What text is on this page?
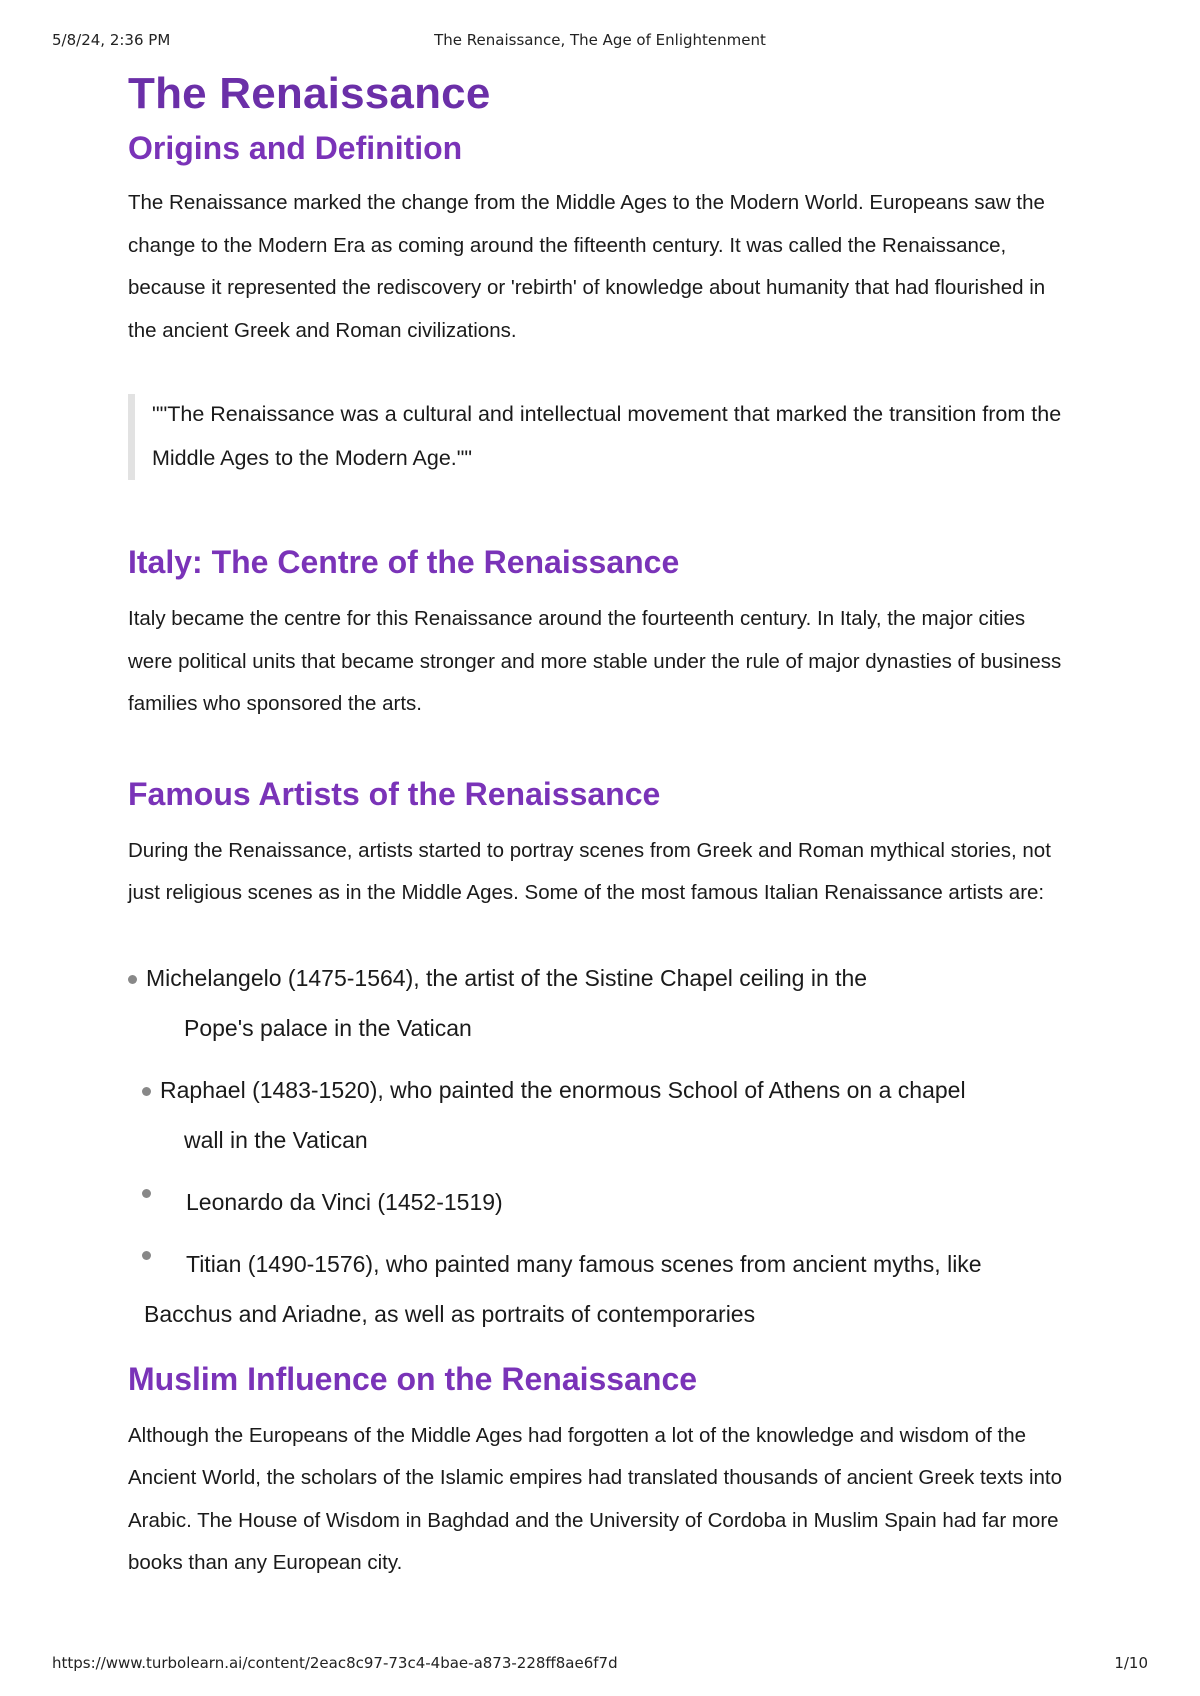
The Renaissance, The Age of Enlightenment
5/8/24, 2:36 PM
The Renaissance
Origins and Definition

The Renaissance marked the change from the Middle Ages to the Modern World. Europeans saw the change to the Modern Era as coming around the fifteenth century. It was called the Renaissance, because it represented the rediscovery or 'rebirth' of knowledge about humanity that had flourished in the ancient Greek and Roman civilizations.

""The Renaissance was a cultural and intellectual movement that marked the transition from the Middle Ages to the Modern Age.""
Italy: The Centre of the Renaissance

Italy became the centre for this Renaissance around the fourteenth century. In Italy, the major cities were political units that became stronger and more stable under the rule of major dynasties of business families who sponsored the arts.

Famous Artists of the Renaissance

During the Renaissance, artists started to portray scenes from Greek and Roman mythical stories, not just religious scenes as in the Middle Ages. Some of the most famous Italian Renaissance artists are:

Michelangelo (1475-1564), the artist of the Sistine Chapel ceiling in the
Pope's palace in the Vatican
Raphael (1483-1520), who painted the enormous School of Athens on a chapel
wall in the Vatican
Leonardo da Vinci (1452-1519)
Titian (1490-1576), who painted many famous scenes from ancient myths, like
Bacchus and Ariadne, as well as portraits of contemporaries
Muslim Influence on the Renaissance

Although the Europeans of the Middle Ages had forgotten a lot of the knowledge and wisdom of the Ancient World, the scholars of the Islamic empires had translated thousands of ancient Greek texts into Arabic. The House of Wisdom in Baghdad and the University of Cordoba in Muslim Spain had far more books than any European city.

https://www.turbolearn.ai/content/2eac8c97-73c4-4bae-a873-228ff8ae6f7d	1/10
